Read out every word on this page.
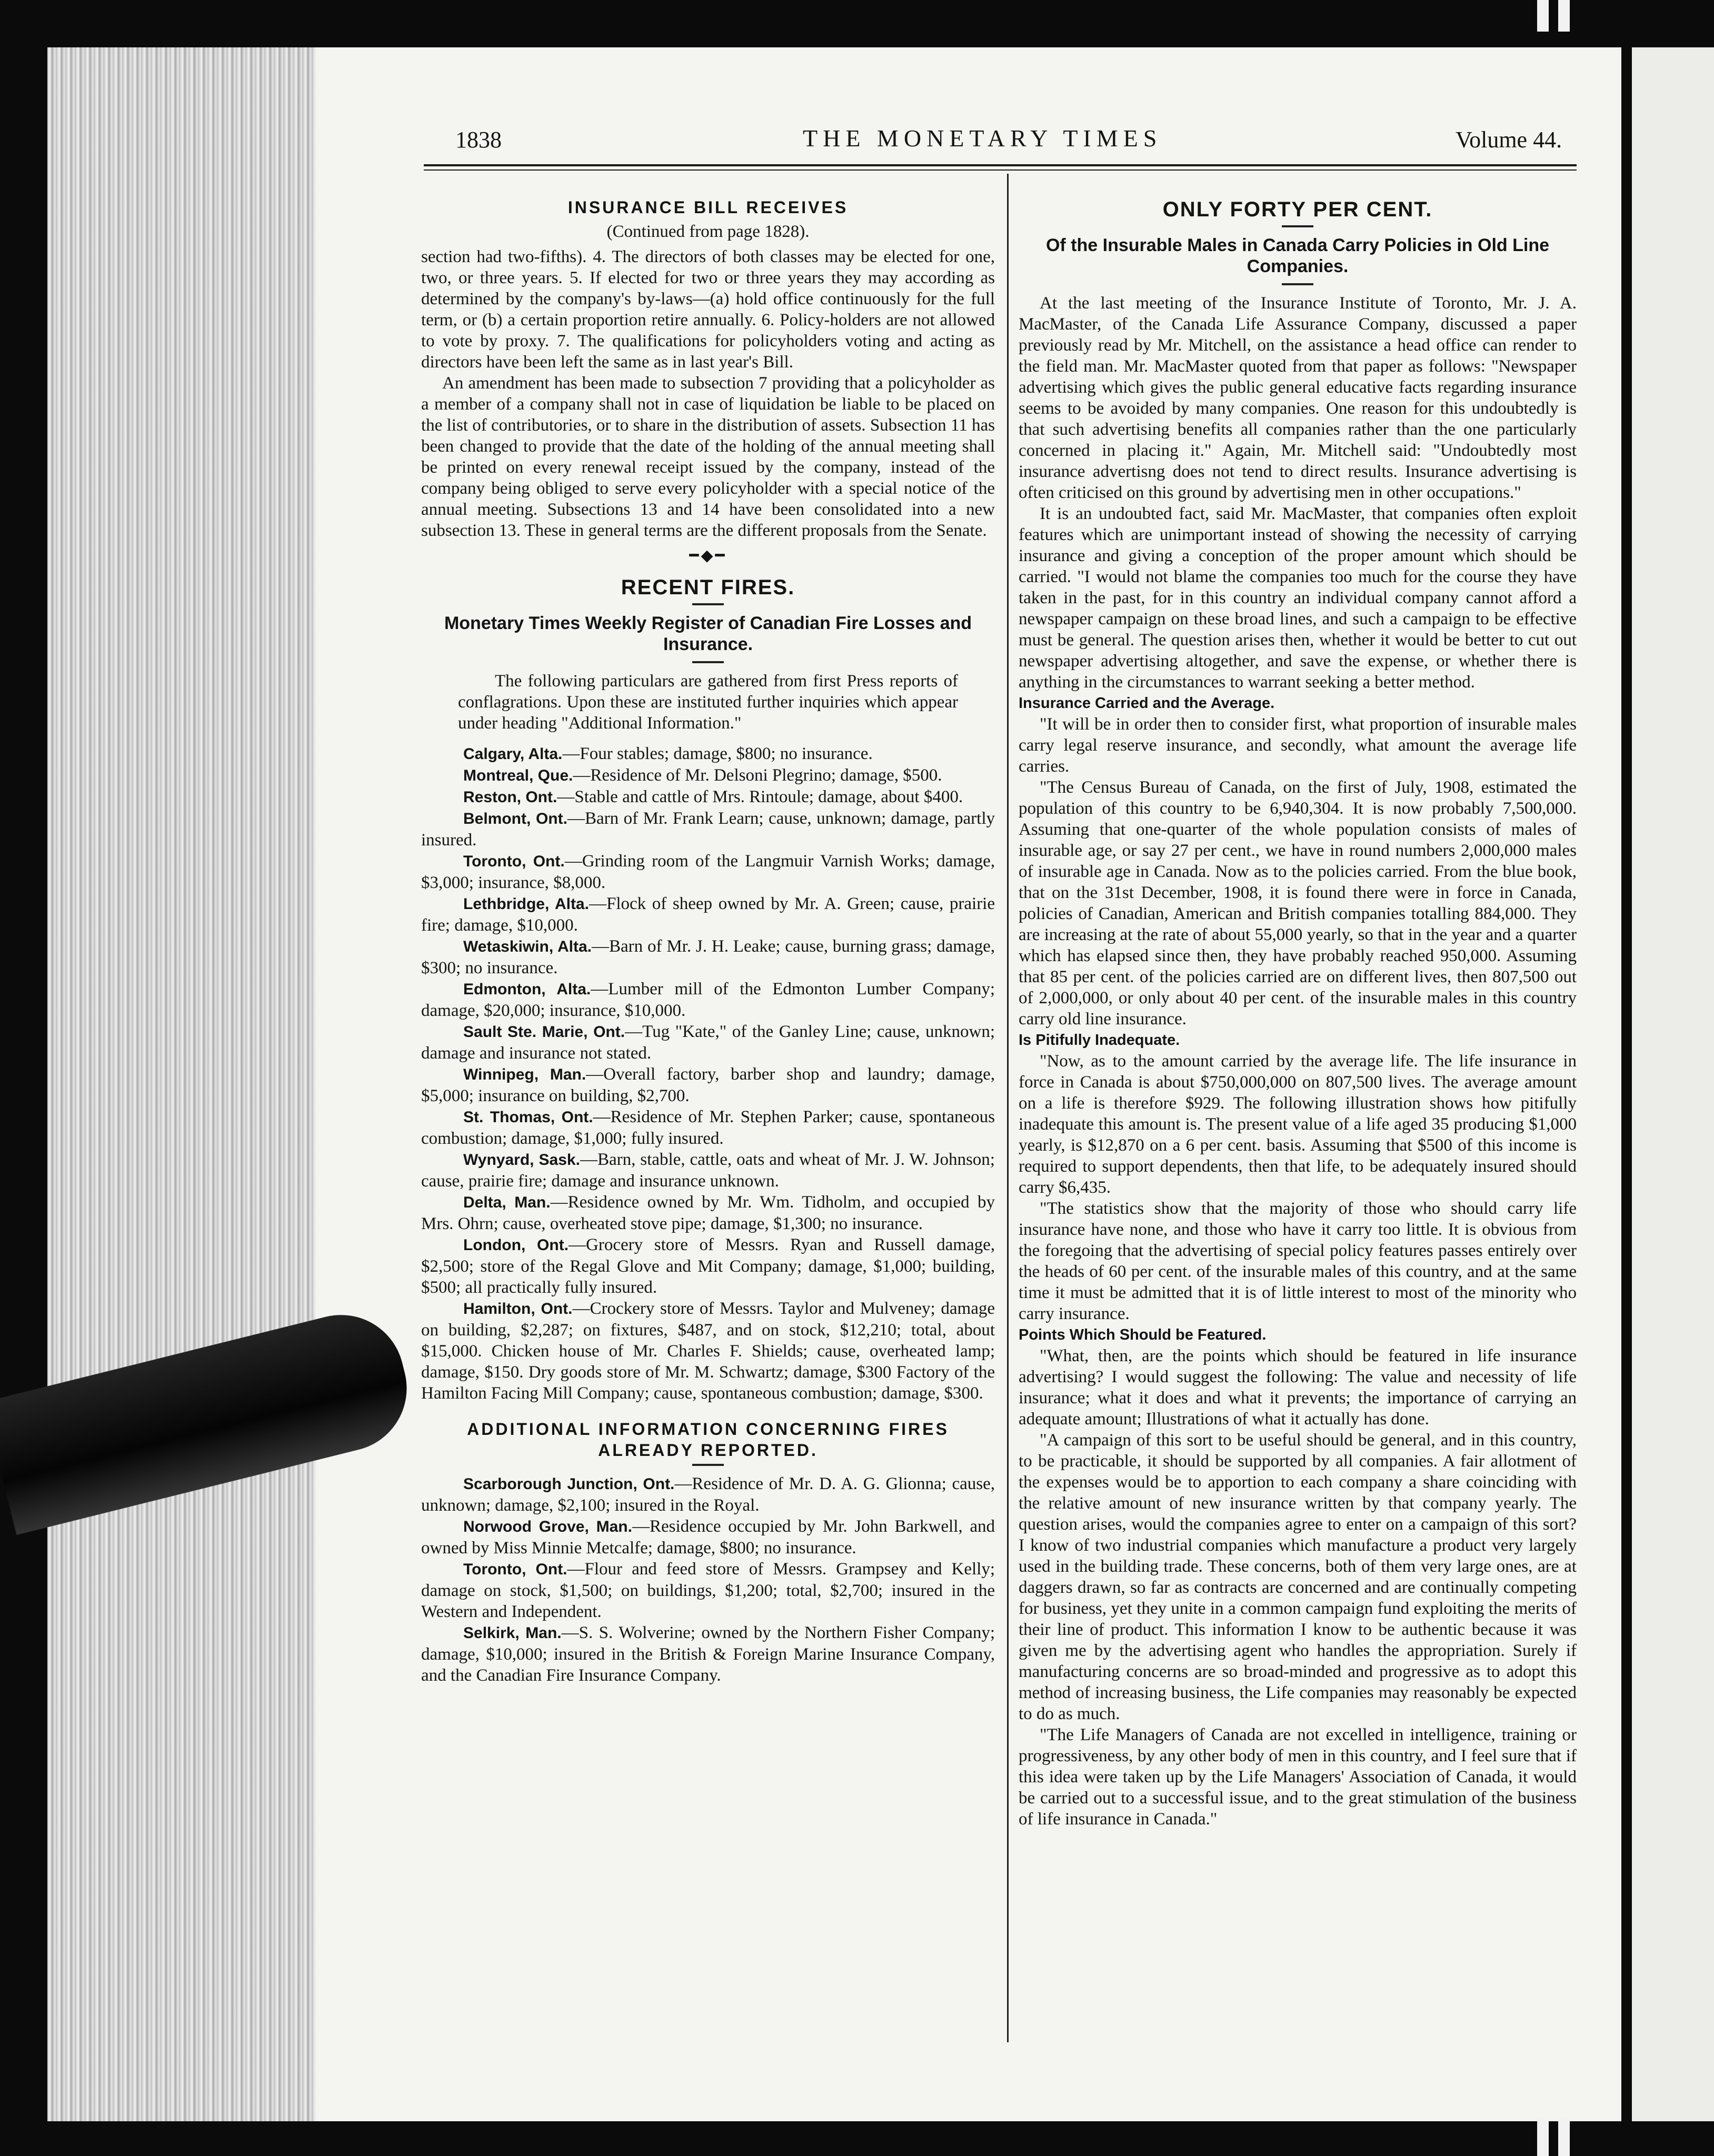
1838	THE MONETARY TIMES	Volume 44.
INSURANCE BILL RECEIVES
(Continued from page 1828).

section had two-fifths). 4. The directors of both classes may be elected for one, two, or three years. 5. If elected for two or three years they may according as determined by the company's by-laws—(a) hold office continuously for the full term, or (b) a certain proportion retire annually. 6. Policy-holders are not allowed to vote by proxy. 7. The qualifications for policyholders voting and acting as directors have been left the same as in last year's Bill.

An amendment has been made to subsection 7 providing that a policyholder as a member of a company shall not in case of liquidation be liable to be placed on the list of contributories, or to share in the distribution of assets. Subsection 11 has been changed to provide that the date of the holding of the annual meeting shall be printed on every renewal receipt issued by the company, instead of the company being obliged to serve every policyholder with a special notice of the annual meeting. Subsections 13 and 14 have been consolidated into a new subsection 13. These in general terms are the different proposals from the Senate.

━◆━
RECENT FIRES.
Monetary Times Weekly Register of Canadian Fire Losses and Insurance.

The following particulars are gathered from first Press reports of conflagrations. Upon these are instituted further inquiries which appear under heading "Additional Information."

Calgary, Alta.—Four stables; damage, $800; no insurance.

Montreal, Que.—Residence of Mr. Delsoni Plegrino; damage, $500.

Reston, Ont.—Stable and cattle of Mrs. Rintoule; damage, about $400.

Belmont, Ont.—Barn of Mr. Frank Learn; cause, unknown; damage, partly insured.

Toronto, Ont.—Grinding room of the Langmuir Varnish Works; damage, $3,000; insurance, $8,000.

Lethbridge, Alta.—Flock of sheep owned by Mr. A. Green; cause, prairie fire; damage, $10,000.

Wetaskiwin, Alta.—Barn of Mr. J. H. Leake; cause, burning grass; damage, $300; no insurance.

Edmonton, Alta.—Lumber mill of the Edmonton Lumber Company; damage, $20,000; insurance, $10,000.

Sault Ste. Marie, Ont.—Tug "Kate," of the Ganley Line; cause, unknown; damage and insurance not stated.

Winnipeg, Man.—Overall factory, barber shop and laundry; damage, $5,000; insurance on building, $2,700.

St. Thomas, Ont.—Residence of Mr. Stephen Parker; cause, spontaneous combustion; damage, $1,000; fully insured.

Wynyard, Sask.—Barn, stable, cattle, oats and wheat of Mr. J. W. Johnson; cause, prairie fire; damage and insurance unknown.

Delta, Man.—Residence owned by Mr. Wm. Tidholm, and occupied by Mrs. Ohrn; cause, overheated stove pipe; damage, $1,300; no insurance.

London, Ont.—Grocery store of Messrs. Ryan and Russell damage, $2,500; store of the Regal Glove and Mit Company; damage, $1,000; building, $500; all practically fully insured.

Hamilton, Ont.—Crockery store of Messrs. Taylor and Mulveney; damage on building, $2,287; on fixtures, $487, and on stock, $12,210; total, about $15,000. Chicken house of Mr. Charles F. Shields; cause, overheated lamp; damage, $150. Dry goods store of Mr. M. Schwartz; damage, $300 Factory of the Hamilton Facing Mill Company; cause, spontaneous combustion; damage, $300.

ADDITIONAL INFORMATION CONCERNING FIRES ALREADY REPORTED.

Scarborough Junction, Ont.—Residence of Mr. D. A. G. Glionna; cause, unknown; damage, $2,100; insured in the Royal.

Norwood Grove, Man.—Residence occupied by Mr. John Barkwell, and owned by Miss Minnie Metcalfe; damage, $800; no insurance.

Toronto, Ont.—Flour and feed store of Messrs. Grampsey and Kelly; damage on stock, $1,500; on buildings, $1,200; total, $2,700; insured in the Western and Independent.

Selkirk, Man.—S. S. Wolverine; owned by the Northern Fisher Company; damage, $10,000; insured in the British & Foreign Marine Insurance Company, and the Canadian Fire Insurance Company.

ONLY FORTY PER CENT.
Of the Insurable Males in Canada Carry Policies in Old Line Companies.

At the last meeting of the Insurance Institute of Toronto, Mr. J. A. MacMaster, of the Canada Life Assurance Company, discussed a paper previously read by Mr. Mitchell, on the assistance a head office can render to the field man. Mr. MacMaster quoted from that paper as follows: "Newspaper advertising which gives the public general educative facts regarding insurance seems to be avoided by many companies. One reason for this undoubtedly is that such advertising benefits all companies rather than the one particularly concerned in placing it." Again, Mr. Mitchell said: "Undoubtedly most insurance advertisng does not tend to direct results. Insurance advertising is often criticised on this ground by advertising men in other occupations."

It is an undoubted fact, said Mr. MacMaster, that companies often exploit features which are unimportant instead of showing the necessity of carrying insurance and giving a conception of the proper amount which should be carried. "I would not blame the companies too much for the course they have taken in the past, for in this country an individual company cannot afford a newspaper campaign on these broad lines, and such a campaign to be effective must be general. The question arises then, whether it would be better to cut out newspaper advertising altogether, and save the expense, or whether there is anything in the circumstances to warrant seeking a better method.

Insurance Carried and the Average.

"It will be in order then to consider first, what proportion of insurable males carry legal reserve insurance, and secondly, what amount the average life carries.

"The Census Bureau of Canada, on the first of July, 1908, estimated the population of this country to be 6,940,304. It is now probably 7,500,000. Assuming that one-quarter of the whole population consists of males of insurable age, or say 27 per cent., we have in round numbers 2,000,000 males of insurable age in Canada. Now as to the policies carried. From the blue book, that on the 31st December, 1908, it is found there were in force in Canada, policies of Canadian, American and British companies totalling 884,000. They are increasing at the rate of about 55,000 yearly, so that in the year and a quarter which has elapsed since then, they have probably reached 950,000. Assuming that 85 per cent. of the policies carried are on different lives, then 807,500 out of 2,000,000, or only about 40 per cent. of the insurable males in this country carry old line insurance.

Is Pitifully Inadequate.

"Now, as to the amount carried by the average life. The life insurance in force in Canada is about $750,000,000 on 807,500 lives. The average amount on a life is therefore $929. The following illustration shows how pitifully inadequate this amount is. The present value of a life aged 35 producing $1,000 yearly, is $12,870 on a 6 per cent. basis. Assuming that $500 of this income is required to support dependents, then that life, to be adequately insured should carry $6,435.

"The statistics show that the majority of those who should carry life insurance have none, and those who have it carry too little. It is obvious from the foregoing that the advertising of special policy features passes entirely over the heads of 60 per cent. of the insurable males of this country, and at the same time it must be admitted that it is of little interest to most of the minority who carry insurance.

Points Which Should be Featured.

"What, then, are the points which should be featured in life insurance advertising? I would suggest the following: The value and necessity of life insurance; what it does and what it prevents; the importance of carrying an adequate amount; Illustrations of what it actually has done.

"A campaign of this sort to be useful should be general, and in this country, to be practicable, it should be supported by all companies. A fair allotment of the expenses would be to apportion to each company a share coinciding with the relative amount of new insurance written by that company yearly. The question arises, would the companies agree to enter on a campaign of this sort? I know of two industrial companies which manufacture a product very largely used in the building trade. These concerns, both of them very large ones, are at daggers drawn, so far as contracts are concerned and are continually competing for business, yet they unite in a common campaign fund exploiting the merits of their line of product. This information I know to be authentic because it was given me by the advertising agent who handles the appropriation. Surely if manufacturing concerns are so broad-minded and progressive as to adopt this method of increasing business, the Life companies may reasonably be expected to do as much.

"The Life Managers of Canada are not excelled in intelligence, training or progressiveness, by any other body of men in this country, and I feel sure that if this idea were taken up by the Life Managers' Association of Canada, it would be carried out to a successful issue, and to the great stimulation of the business of life insurance in Canada."
